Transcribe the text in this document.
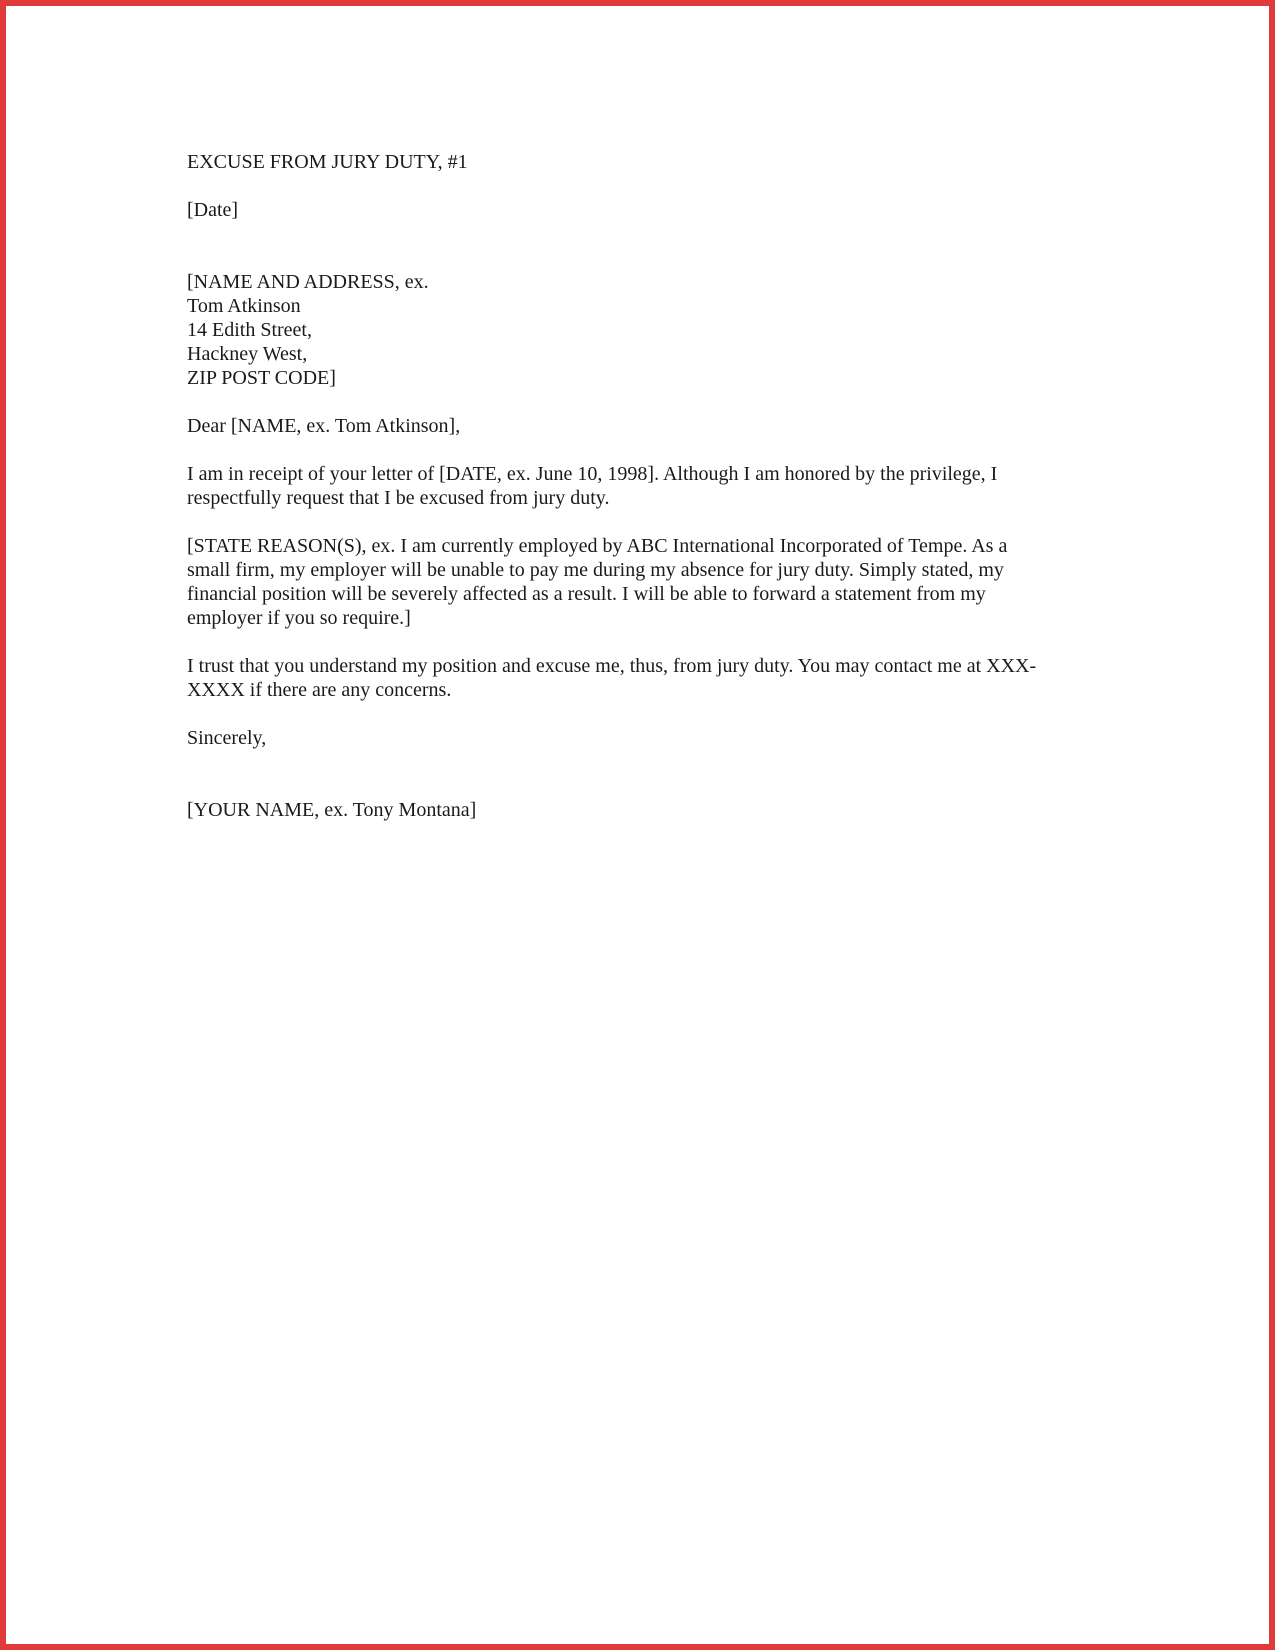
EXCUSE FROM JURY DUTY, #1
[Date]
[NAME AND ADDRESS, ex.
Tom Atkinson
14 Edith Street,
Hackney West,
ZIP POST CODE]
Dear [NAME, ex. Tom Atkinson],
I am in receipt of your letter of [DATE, ex. June 10, 1998]. Although I am honored by the privilege, I
respectfully request that I be excused from jury duty.
[STATE REASON(S), ex. I am currently employed by ABC International Incorporated of Tempe. As a
small firm, my employer will be unable to pay me during my absence for jury duty. Simply stated, my
financial position will be severely affected as a result. I will be able to forward a statement from my
employer if you so require.]
I trust that you understand my position and excuse me, thus, from jury duty. You may contact me at XXX-
XXXX if there are any concerns.
Sincerely,
[YOUR NAME, ex. Tony Montana]
